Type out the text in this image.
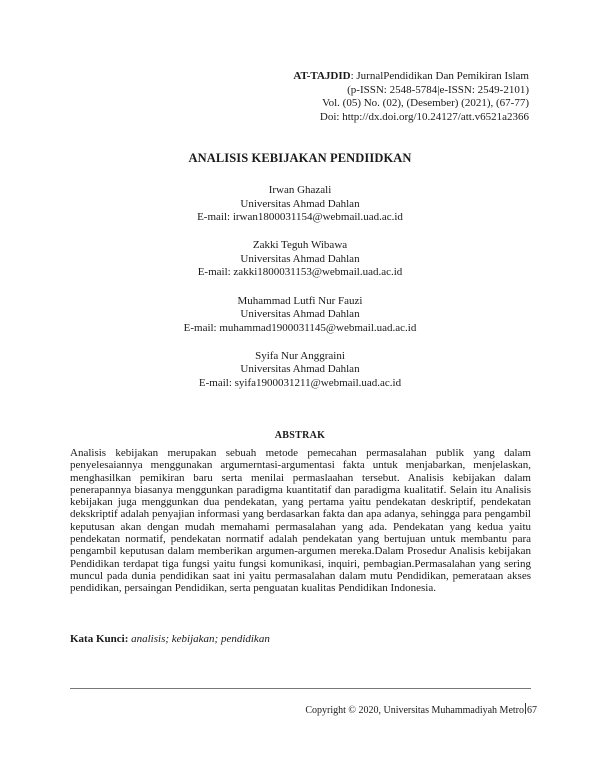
AT-TAJDID: JurnalPendidikan Dan Pemikiran Islam
(p-ISSN: 2548-5784|e-ISSN: 2549-2101)
Vol. (05) No. (02), (Desember) (2021), (67-77)
Doi: http://dx.doi.org/10.24127/att.v6521a2366
ANALISIS KEBIJAKAN PENDIIDKAN
Irwan Ghazali
Universitas Ahmad Dahlan
E-mail: irwan1800031154@webmail.uad.ac.id
Zakki Teguh Wibawa
Universitas Ahmad Dahlan
E-mail: zakki1800031153@webmail.uad.ac.id
Muhammad Lutfi Nur Fauzi
Universitas Ahmad Dahlan
E-mail: muhammad1900031145@webmail.uad.ac.id
Syifa Nur Anggraini
Universitas Ahmad Dahlan
E-mail: syifa1900031211@webmail.uad.ac.id
ABSTRAK
Analisis kebijakan merupakan sebuah metode pemecahan permasalahan publik yang dalam penyelesaiannya menggunakan argumerntasi-argumentasi fakta untuk menjabarkan, menjelaskan, menghasilkan pemikiran baru serta menilai permaslaahan tersebut. Analisis kebijakan dalam penerapannya biasanya menggunkan paradigma kuantitatif dan paradigma kualitatif. Selain itu Analisis kebijakan juga menggunkan dua pendekatan, yang pertama yaitu pendekatan deskriptif, pendekatan dekskriptif adalah penyajian informasi yang berdasarkan fakta dan apa adanya, sehingga para pengambil keputusan akan dengan mudah memahami permasalahan yang ada. Pendekatan yang kedua yaitu pendekatan normatif, pendekatan normatif adalah pendekatan yang bertujuan untuk membantu para pengambil keputusan dalam memberikan argumen-argumen mereka.Dalam Prosedur Analisis kebijakan Pendidikan terdapat tiga fungsi yaitu fungsi komunikasi, inquiri, pembagian.Permasalahan yang sering muncul pada dunia pendidikan saat ini yaitu permasalahan dalam mutu Pendidikan, pemerataan akses pendidikan, persaingan Pendidikan, serta penguatan kualitas Pendidikan Indonesia.
Kata Kunci: analisis; kebijakan; pendidikan
Copyright © 2020, Universitas Muhammadiyah Metro 67
